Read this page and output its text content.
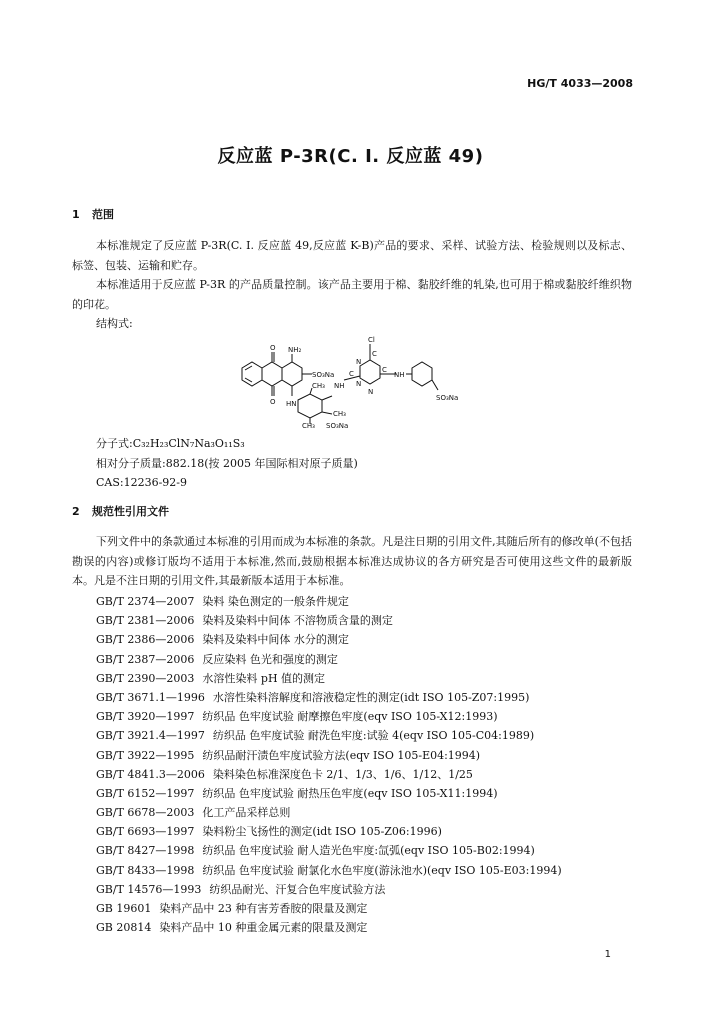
HG/T 4033—2008
反应蓝 P-3R(C. I. 反应蓝 49)
1 范围
本标准规定了反应蓝 P-3R(C. I. 反应蓝 49,反应蓝 K-B)产品的要求、采样、试验方法、检验规则以及标志、标签、包装、运输和贮存。
本标准适用于反应蓝 P-3R 的产品质量控制。该产品主要用于棉、黏胶纤维的轧染,也可用于棉或黏胶纤维织物的印花。
结构式:
Cl
O
O
NH₂
SO₃Na
CH₃ NH
N
N
N
C
C	C
NH
HN
CH₃
CH₃ SO₃Na
SO₃Na
分子式:C₃₂H₂₃ClN₇Na₃O₁₁S₃
相对分子质量:882.18(按 2005 年国际相对原子质量)
CAS:12236-92-9
2 规范性引用文件
下列文件中的条款通过本标准的引用而成为本标准的条款。凡是注日期的引用文件,其随后所有的修改单(不包括勘误的内容)或修订版均不适用于本标准,然而,鼓励根据本标准达成协议的各方研究是否可使用这些文件的最新版本。凡是不注日期的引用文件,其最新版本适用于本标准。
GB/T 2374—2007 染料 染色测定的一般条件规定
GB/T 2381—2006 染料及染料中间体 不溶物质含量的测定
GB/T 2386—2006 染料及染料中间体 水分的测定
GB/T 2387—2006 反应染料 色光和强度的测定
GB/T 2390—2003 水溶性染料 pH 值的测定
GB/T 3671.1—1996 水溶性染料溶解度和溶液稳定性的测定(idt ISO 105-Z07:1995)
GB/T 3920—1997 纺织品 色牢度试验 耐摩擦色牢度(eqv ISO 105-X12:1993)
GB/T 3921.4—1997 纺织品 色牢度试验 耐洗色牢度:试验 4(eqv ISO 105-C04:1989)
GB/T 3922—1995 纺织品耐汗渍色牢度试验方法(eqv ISO 105-E04:1994)
GB/T 4841.3—2006 染料染色标准深度色卡 2/1、1/3、1/6、1/12、1/25
GB/T 6152—1997 纺织品 色牢度试验 耐热压色牢度(eqv ISO 105-X11:1994)
GB/T 6678—2003 化工产品采样总则
GB/T 6693—1997 染料粉尘飞扬性的测定(idt ISO 105-Z06:1996)
GB/T 8427—1998 纺织品 色牢度试验 耐人造光色牢度:氙弧(eqv ISO 105-B02:1994)
GB/T 8433—1998 纺织品 色牢度试验 耐氯化水色牢度(游泳池水)(eqv ISO 105-E03:1994)
GB/T 14576—1993 纺织品耐光、汗复合色牢度试验方法
GB 19601 染料产品中 23 种有害芳香胺的限量及测定
GB 20814 染料产品中 10 种重金属元素的限量及测定
1
